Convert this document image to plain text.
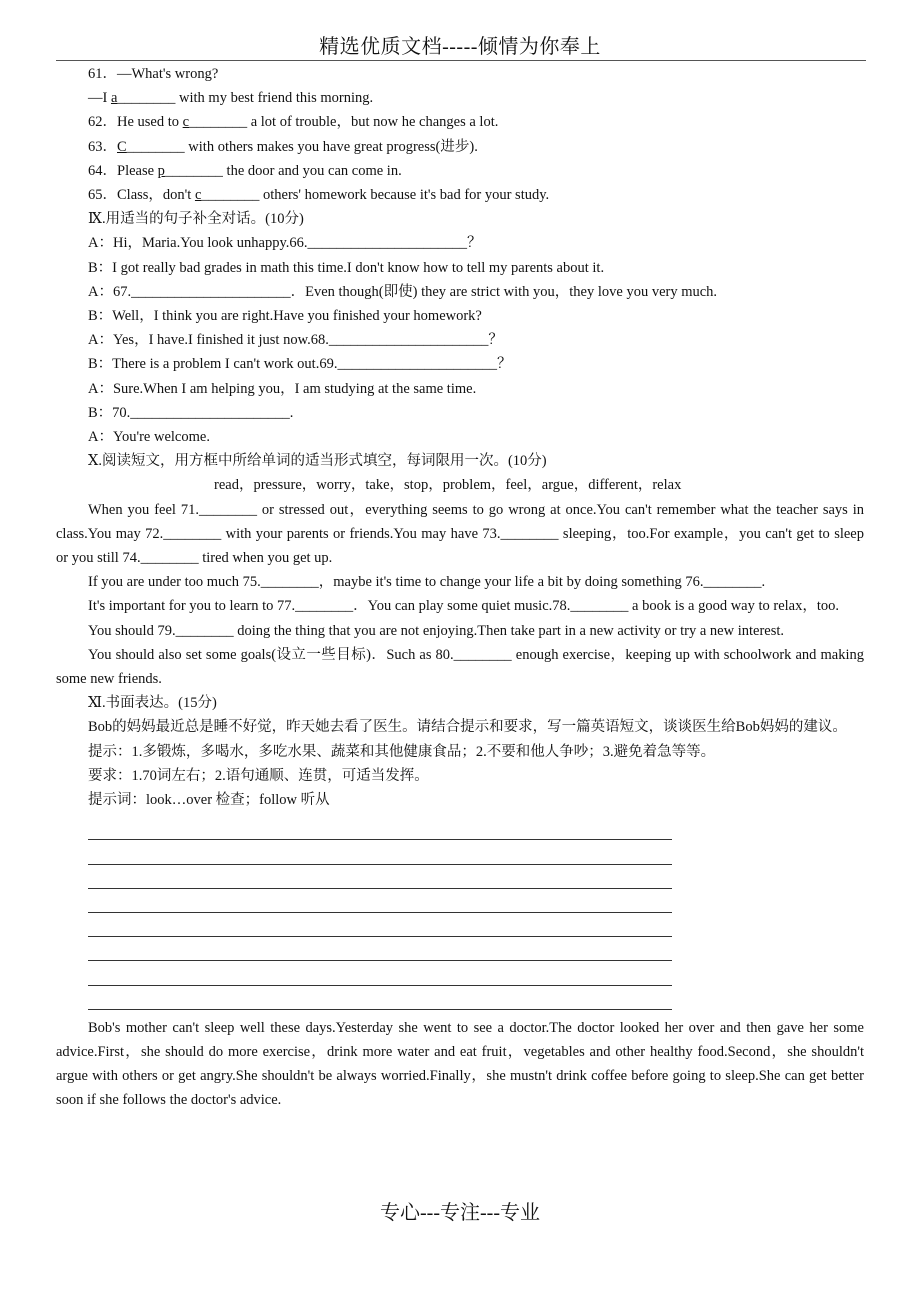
精选优质文档-----倾情为你奉上
61．—What's wrong?
—I a________ with my best friend this morning.
62．He used to c________ a lot of trouble，but now he changes a lot.
63．C________ with others makes you have great progress(进步).
64．Please p________ the door and you can come in.
65．Class，don't c________ others' homework because it's bad for your study.
Ⅸ.用适当的句子补全对话。(10分)
A：Hi，Maria.You look unhappy.66.______________________？
B：I got really bad grades in math this time.I don't know how to tell my parents about it.
A：67.______________________．Even though(即使) they are strict with you，they love you very much.
B：Well，I think you are right.Have you finished your homework?
A：Yes，I have.I finished it just now.68.______________________？
B：There is a problem I can't work out.69.______________________？
A：Sure.When I am helping you，I am studying at the same time.
B：70.______________________.
A：You're welcome.
Ⅹ.阅读短文，用方框中所给单词的适当形式填空，每词限用一次。(10分)
read，pressure，worry，take，stop，problem，feel，argue，different，relax
When you feel 71.________ or stressed out，everything seems to go wrong at once.You can't remember what the teacher says in class.You may 72.________ with your parents or friends.You may have 73.________ sleeping，too.For example，you can't get to sleep or you still 74.________ tired when you get up.
If you are under too much 75.________，maybe it's time to change your life a bit by doing something 76.________.
It's important for you to learn to 77.________．You can play some quiet music.78.________ a book is a good way to relax，too.
You should 79.________ doing the thing that you are not enjoying.Then take part in a new activity or try a new interest.
You should also set some goals(设立一些目标)．Such as 80.________ enough exercise，keeping up with schoolwork and making some new friends.
Ⅺ.书面表达。(15分)
Bob的妈妈最近总是睡不好觉，昨天她去看了医生。请结合提示和要求，写一篇英语短文，谈谈医生给Bob妈妈的建议。
提示：1.多锻炼，多喝水，多吃水果、蔬菜和其他健康食品；2.不要和他人争吵；3.避免着急等等。
要求：1.70词左右；2.语句通顺、连贯，可适当发挥。
提示词：look…over 检查；follow 听从
Bob's mother can't sleep well these days.Yesterday she went to see a doctor.The doctor looked her over and then gave her some advice.First，she should do more exercise，drink more water and eat fruit，vegetables and other healthy food.Second，she shouldn't argue with others or get angry.She shouldn't be always worried.Finally，she mustn't drink coffee before going to sleep.She can get better soon if she follows the doctor's advice.
专心---专注---专业
